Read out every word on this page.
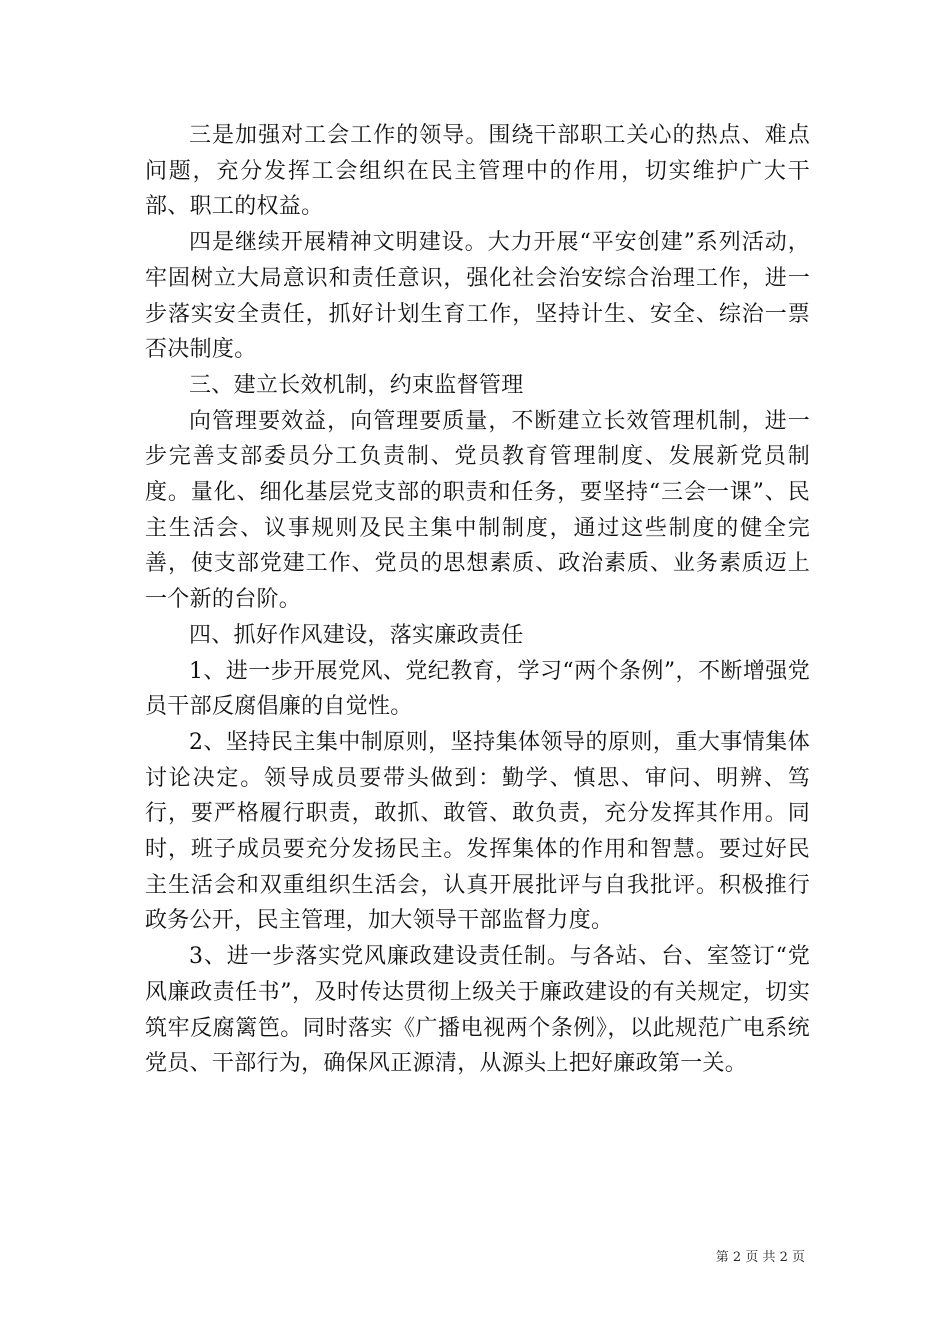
三是加强对工会工作的领导。围绕干部职工关心的热点、难点问题，充分发挥工会组织在民主管理中的作用，切实维护广大干部、职工的权益。

四是继续开展精神文明建设。大力开展“平安创建”系列活动，牢固树立大局意识和责任意识，强化社会治安综合治理工作，进一步落实安全责任，抓好计划生育工作，坚持计生、安全、综治一票否决制度。

三、建立长效机制，约束监督管理

向管理要效益，向管理要质量，不断建立长效管理机制，进一步完善支部委员分工负责制、党员教育管理制度、发展新党员制度。量化、细化基层党支部的职责和任务，要坚持“三会一课”、民主生活会、议事规则及民主集中制制度，通过这些制度的健全完善，使支部党建工作、党员的思想素质、政治素质、业务素质迈上一个新的台阶。

四、抓好作风建设，落实廉政责任

1、进一步开展党风、党纪教育，学习“两个条例”，不断增强党员干部反腐倡廉的自觉性。

2、坚持民主集中制原则，坚持集体领导的原则，重大事情集体讨论决定。领导成员要带头做到：勤学、慎思、审问、明辨、笃行，要严格履行职责，敢抓、敢管、敢负责，充分发挥其作用。同时，班子成员要充分发扬民主。发挥集体的作用和智慧。要过好民主生活会和双重组织生活会，认真开展批评与自我批评。积极推行政务公开，民主管理，加大领导干部监督力度。

3、进一步落实党风廉政建设责任制。与各站、台、室签订“党风廉政责任书”，及时传达贯彻上级关于廉政建设的有关规定，切实筑牢反腐篱笆。同时落实《广播电视两个条例》，以此规范广电系统党员、干部行为，确保风正源清，从源头上把好廉政第一关。

第 2 页 共 2 页
